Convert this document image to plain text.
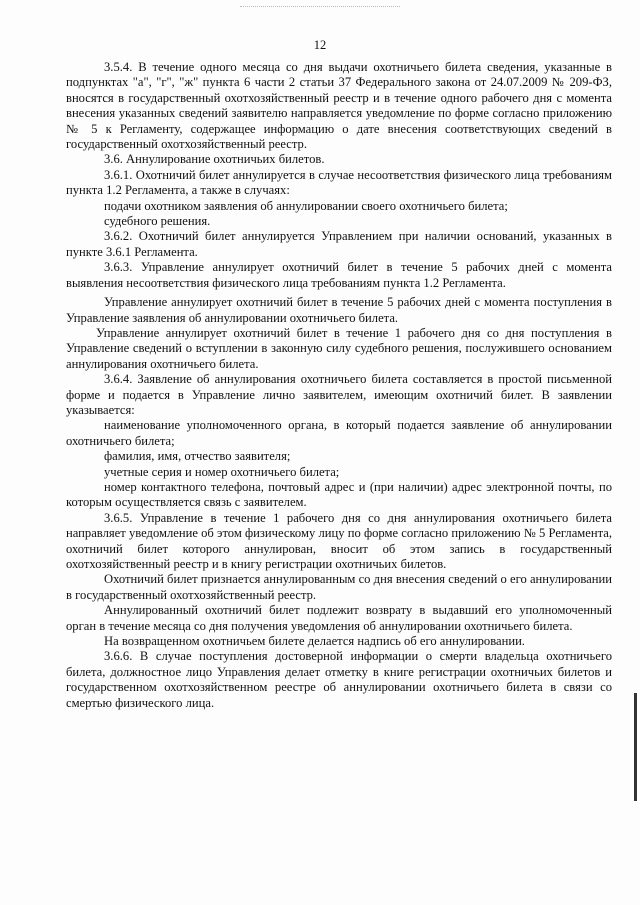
12

3.5.4. В течение одного месяца со дня выдачи охотничьего билета сведения, указанные в подпунктах "а", "г", "ж" пункта 6 части 2 статьи 37 Федерального закона от 24.07.2009 № 209-ФЗ, вносятся в государственный охотхозяйственный реестр и в течение одного рабочего дня с момента внесения указанных сведений заявителю направляется уведомление по форме согласно приложению № 5 к Регламенту, содержащее информацию о дате внесения соответствующих сведений в государственный охотхозяйственный реестр.

3.6. Аннулирование охотничьих билетов.

3.6.1. Охотничий билет аннулируется в случае несоответствия физического лица требованиям пункта 1.2 Регламента, а также в случаях:

подачи охотником заявления об аннулировании своего охотничьего билета;

судебного решения.

3.6.2. Охотничий билет аннулируется Управлением при наличии оснований, указанных в пункте 3.6.1 Регламента.

3.6.3. Управление аннулирует охотничий билет в течение 5 рабочих дней с момента выявления несоответствия физического лица требованиям пункта 1.2 Регламента.

Управление аннулирует охотничий билет в течение 5 рабочих дней с момента поступления в Управление заявления об аннулировании охотничьего билета.

Управление аннулирует охотничий билет в течение 1 рабочего дня со дня поступления в Управление сведений о вступлении в законную силу судебного решения, послужившего основанием аннулирования охотничьего билета.

3.6.4. Заявление об аннулирования охотничьего билета составляется в простой письменной форме и подается в Управление лично заявителем, имеющим охотничий билет. В заявлении указывается:

наименование уполномоченного органа, в который подается заявление об аннулировании охотничьего билета;

фамилия, имя, отчество заявителя;

учетные серия и номер охотничьего билета;

номер контактного телефона, почтовый адрес и (при наличии) адрес электронной почты, по которым осуществляется связь с заявителем.

3.6.5. Управление в течение 1 рабочего дня со дня аннулирования охотничьего билета направляет уведомление об этом физическому лицу по форме согласно приложению № 5 Регламента, охотничий билет которого аннулирован, вносит об этом запись в государственный охотхозяйственный реестр и в книгу регистрации охотничьих билетов.

Охотничий билет признается аннулированным со дня внесения сведений о его аннулировании в государственный охотхозяйственный реестр.

Аннулированный охотничий билет подлежит возврату в выдавший его уполномоченный орган в течение месяца со дня получения уведомления об аннулировании охотничьего билета.

На возвращенном охотничьем билете делается надпись об его аннулировании.

3.6.6. В случае поступления достоверной информации о смерти владельца охотничьего билета, должностное лицо Управления делает отметку в книге регистрации охотничьих билетов и государственном охотхозяйственном реестре об аннулировании охотничьего билета в связи со смертью физического лица.
